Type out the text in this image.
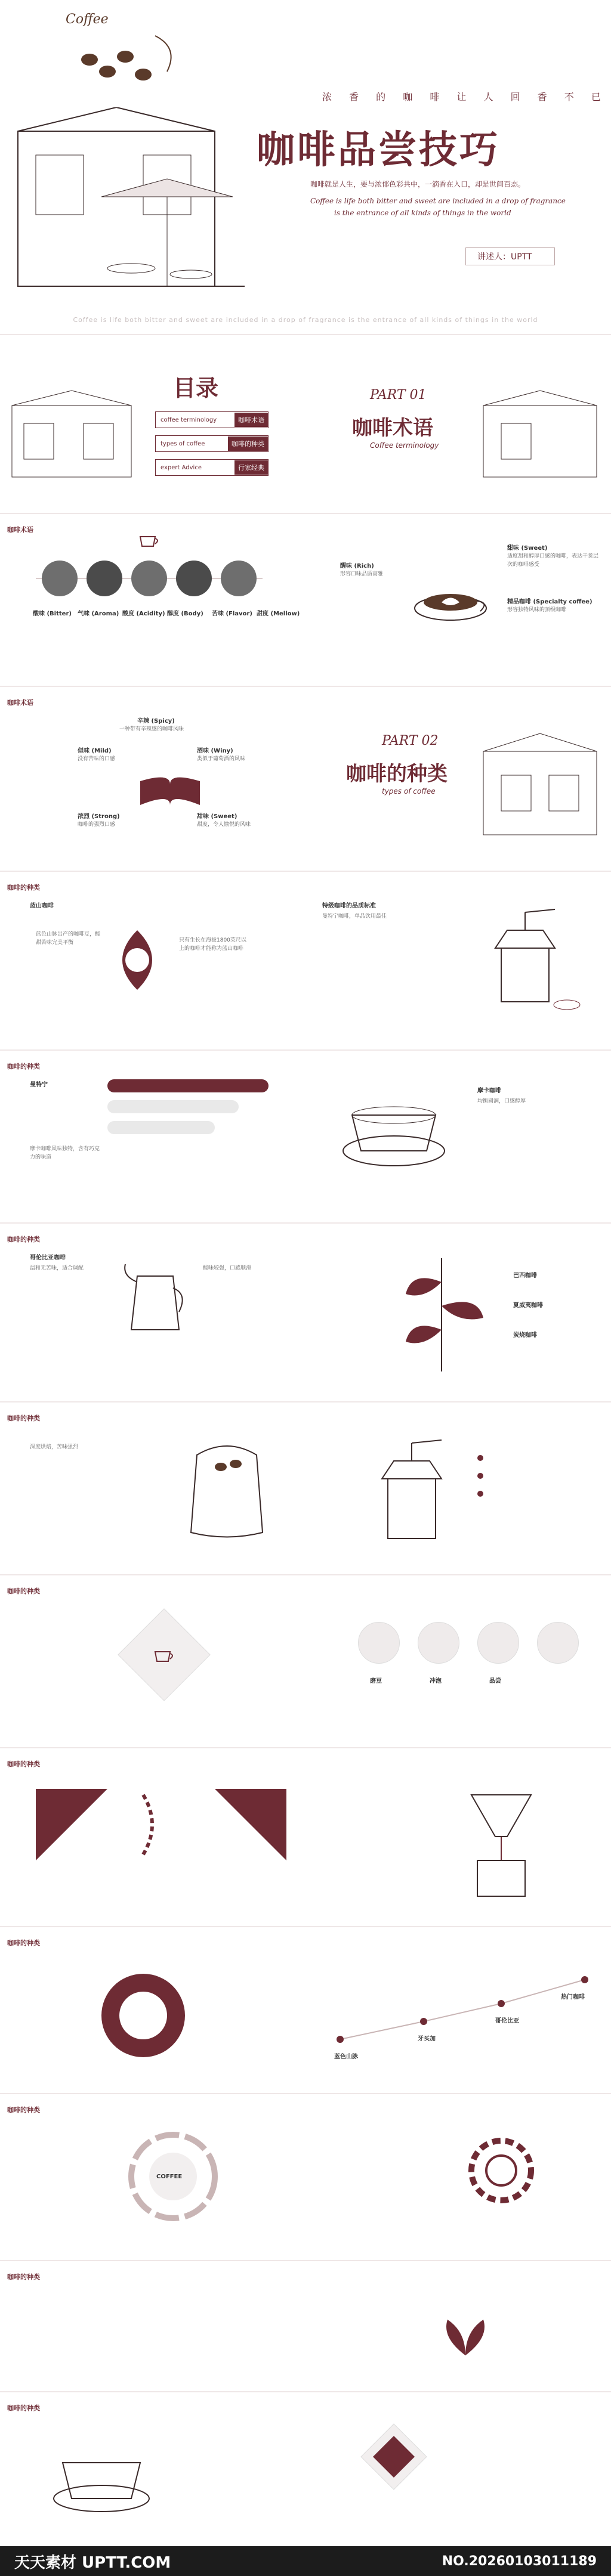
Coffee
浓 香 的 咖 啡 让 人 回 香 不 已
咖啡品尝技巧
咖啡就是人生，要与浓郁色彩共中，一滴香在入口，却是世间百态。
Coffee is life both bitter and sweet are included in a drop of fragrance
is the entrance of all kinds of things in the world
讲述人：UPTT
Coffee is life both bitter and sweet are included in a drop of fragrance is the entrance of all kinds of things in the world
目录
coffee terminology	咖啡术语
types of coffee	咖啡的种类
expert Advice	行家经典
PART 01
咖啡术语
Coffee terminology
咖啡术语
酸味 (Bitter) 气味 (Aroma) 酸度 (Acidity) 醇度 (Body) 苦味 (Flavor) 甜度 (Mellow)
醒味 (Rich)
形容口味品质高雅
甜味 (Sweet)
适度甜和醇厚口感的咖啡，表达干货层次的咖啡感受
精品咖啡 (Specialty coffee)
形容独特风味的顶级咖啡
咖啡术语
辛辣 (Spicy)
一种带有辛辣感的咖啡风味
似味 (Mild)
没有苦味的口感
酒味 (Winy)
类似于葡萄酒的风味
浓烈 (Strong)
咖啡的强烈口感
甜味 (Sweet)
甜度，令人愉悦的风味
PART 02
咖啡的种类
types of coffee
咖啡的种类
蓝山咖啡
蓝色山脉出产的咖啡豆，酸甜苦味完美平衡	只有生长在海拔1800英尺以上的咖啡才能称为蓝山咖啡
特级咖啡的品质标准
曼特宁咖啡，单品饮用最佳
咖啡的种类
曼特宁
摩卡咖啡风味独特，含有巧克力的味道
摩卡咖啡
均衡圆润，口感醇厚
咖啡的种类
哥伦比亚咖啡
温和无苦味，适合调配	酸味较强，口感顺滑
巴西咖啡
夏威夷咖啡
炭烧咖啡
咖啡的种类
深度烘焙，苦味强烈
咖啡的种类
磨豆	冲泡	品尝
咖啡的种类
咖啡的种类
蓝色山脉
牙买加
哥伦比亚
热门咖啡
咖啡的种类
COFFEE
咖啡的种类
咖啡的种类
天天素材 UPTT.COM	NO.20260103011189
